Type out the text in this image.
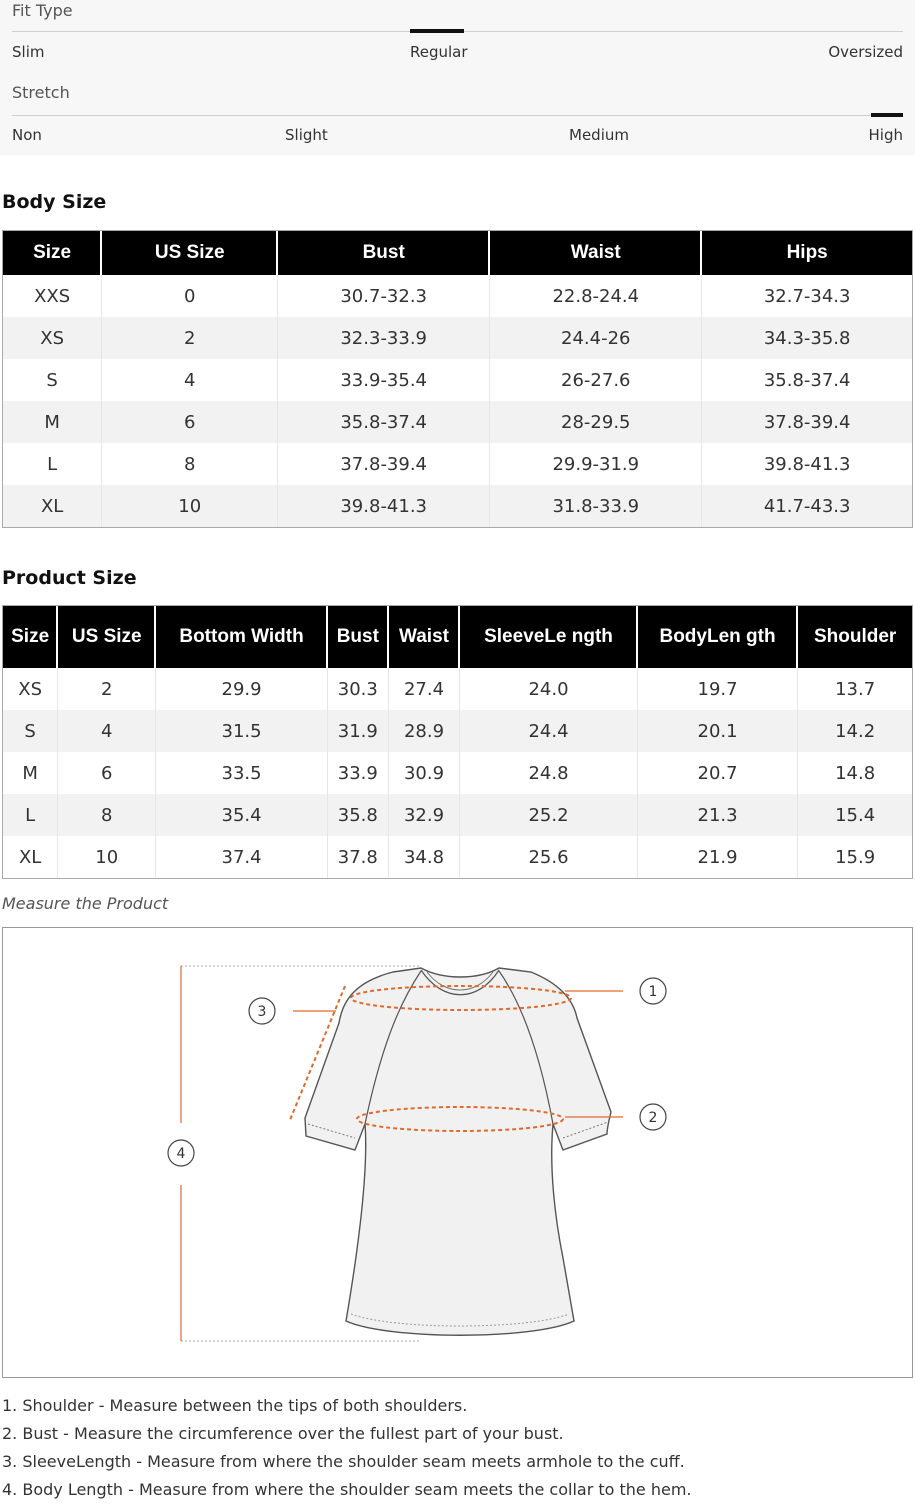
Fit Type
Slim	Regular	Oversized
Stretch
Non	Slight	Medium	High
Body Size
Size	US Size	Bust	Waist	Hips
XXS	0	30.7-32.3	22.8-24.4	32.7-34.3
XS	2	32.3-33.9	24.4-26	34.3-35.8
S	4	33.9-35.4	26-27.6	35.8-37.4
M	6	35.8-37.4	28-29.5	37.8-39.4
L	8	37.8-39.4	29.9-31.9	39.8-41.3
XL	10	39.8-41.3	31.8-33.9	41.7-43.3
Product Size
Size	US Size	Bottom Width	Bust	Waist	SleeveLe ngth	BodyLen gth	Shoulder
XS	2	29.9	30.3	27.4	24.0	19.7	13.7
S	4	31.5	31.9	28.9	24.4	20.1	14.2
M	6	33.5	33.9	30.9	24.8	20.7	14.8
L	8	35.4	35.8	32.9	25.2	21.3	15.4
XL	10	37.4	37.8	34.8	25.6	21.9	15.9
Measure the Product
1
2
3
4
1. Shoulder - Measure between the tips of both shoulders.
2. Bust - Measure the circumference over the fullest part of your bust.
3. SleeveLength - Measure from where the shoulder seam meets armhole to the cuff.
4. Body Length - Measure from where the shoulder seam meets the collar to the hem.
